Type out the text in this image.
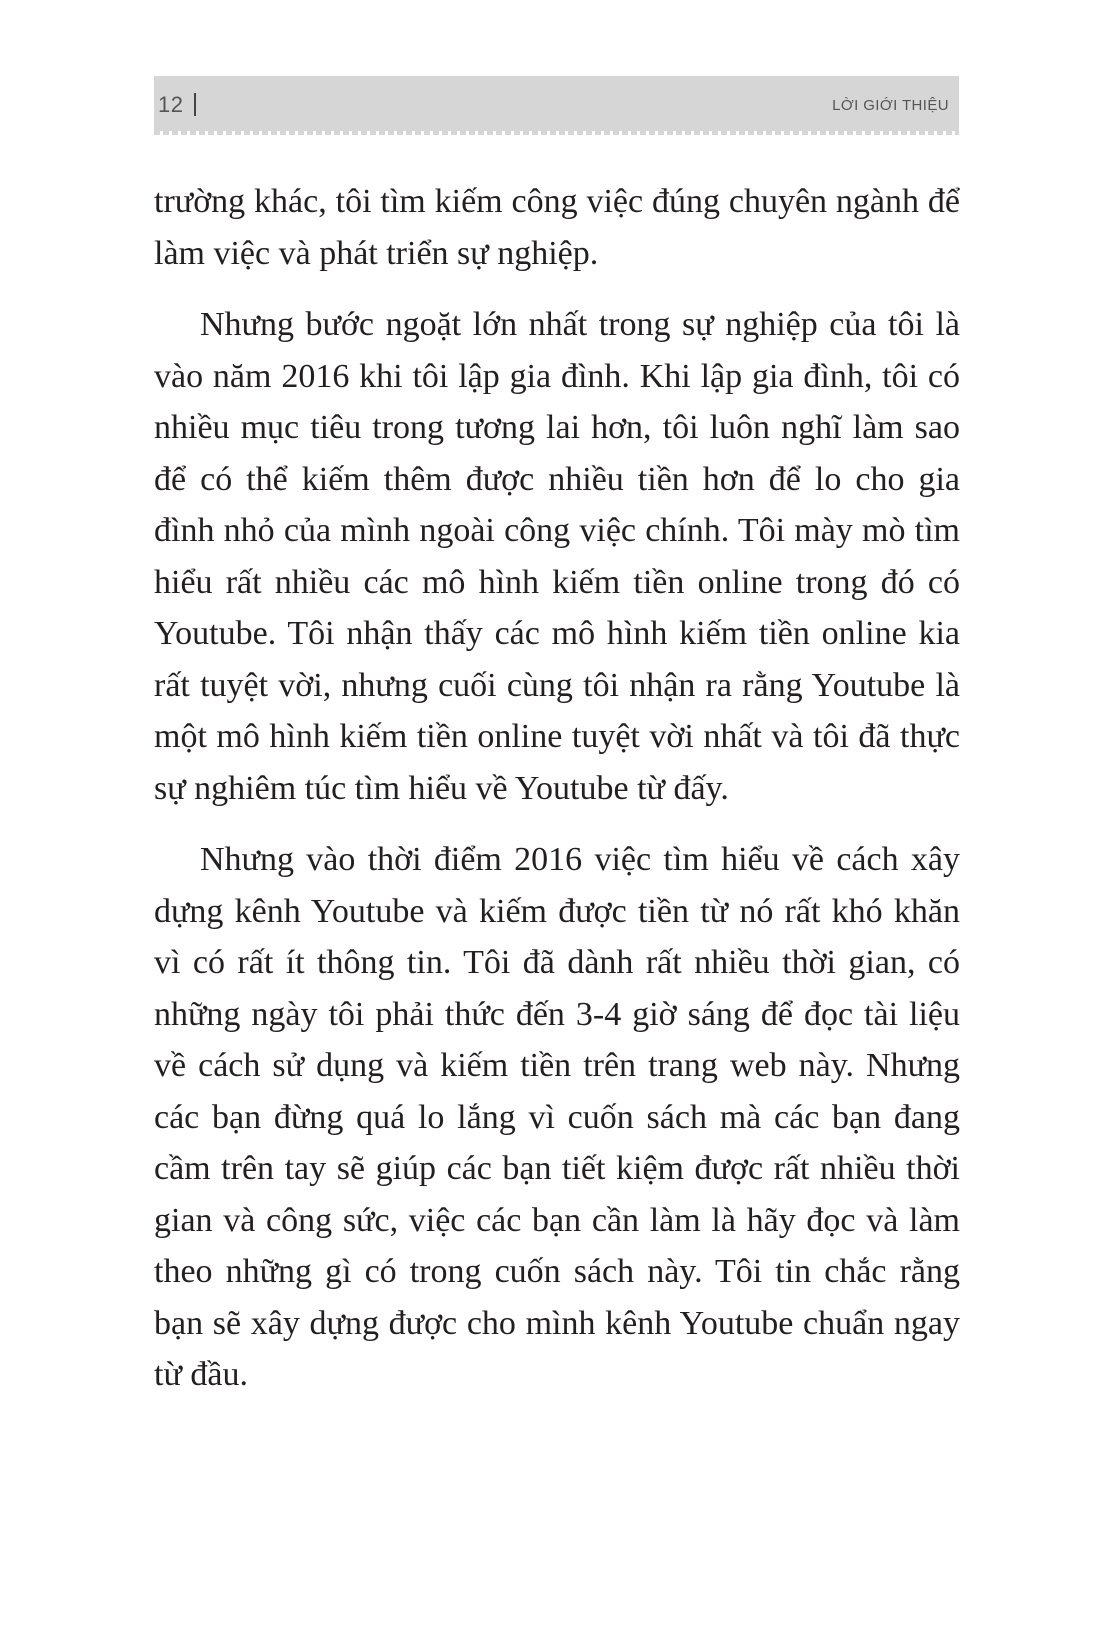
12	LỜI GIỚI THIỆU

trường khác, tôi tìm kiếm công việc đúng chuyên ngành để làm việc và phát triển sự nghiệp.

Nhưng bước ngoặt lớn nhất trong sự nghiệp của tôi là vào năm 2016 khi tôi lập gia đình. Khi lập gia đình, tôi có nhiều mục tiêu trong tương lai hơn, tôi luôn nghĩ làm sao để có thể kiếm thêm được nhiều tiền hơn để lo cho gia đình nhỏ của mình ngoài công việc chính. Tôi mày mò tìm hiểu rất nhiều các mô hình kiếm tiền online trong đó có Youtube. Tôi nhận thấy các mô hình kiếm tiền online kia rất tuyệt vời, nhưng cuối cùng tôi nhận ra rằng Youtube là một mô hình kiếm tiền online tuyệt vời nhất và tôi đã thực sự nghiêm túc tìm hiểu về Youtube từ đấy.

Nhưng vào thời điểm 2016 việc tìm hiểu về cách xây dựng kênh Youtube và kiếm được tiền từ nó rất khó khăn vì có rất ít thông tin. Tôi đã dành rất nhiều thời gian, có những ngày tôi phải thức đến 3-4 giờ sáng để đọc tài liệu về cách sử dụng và kiếm tiền trên trang web này. Nhưng các bạn đừng quá lo lắng vì cuốn sách mà các bạn đang cầm trên tay sẽ giúp các bạn tiết kiệm được rất nhiều thời gian và công sức, việc các bạn cần làm là hãy đọc và làm theo những gì có trong cuốn sách này. Tôi tin chắc rằng bạn sẽ xây dựng được cho mình kênh Youtube chuẩn ngay từ đầu.
